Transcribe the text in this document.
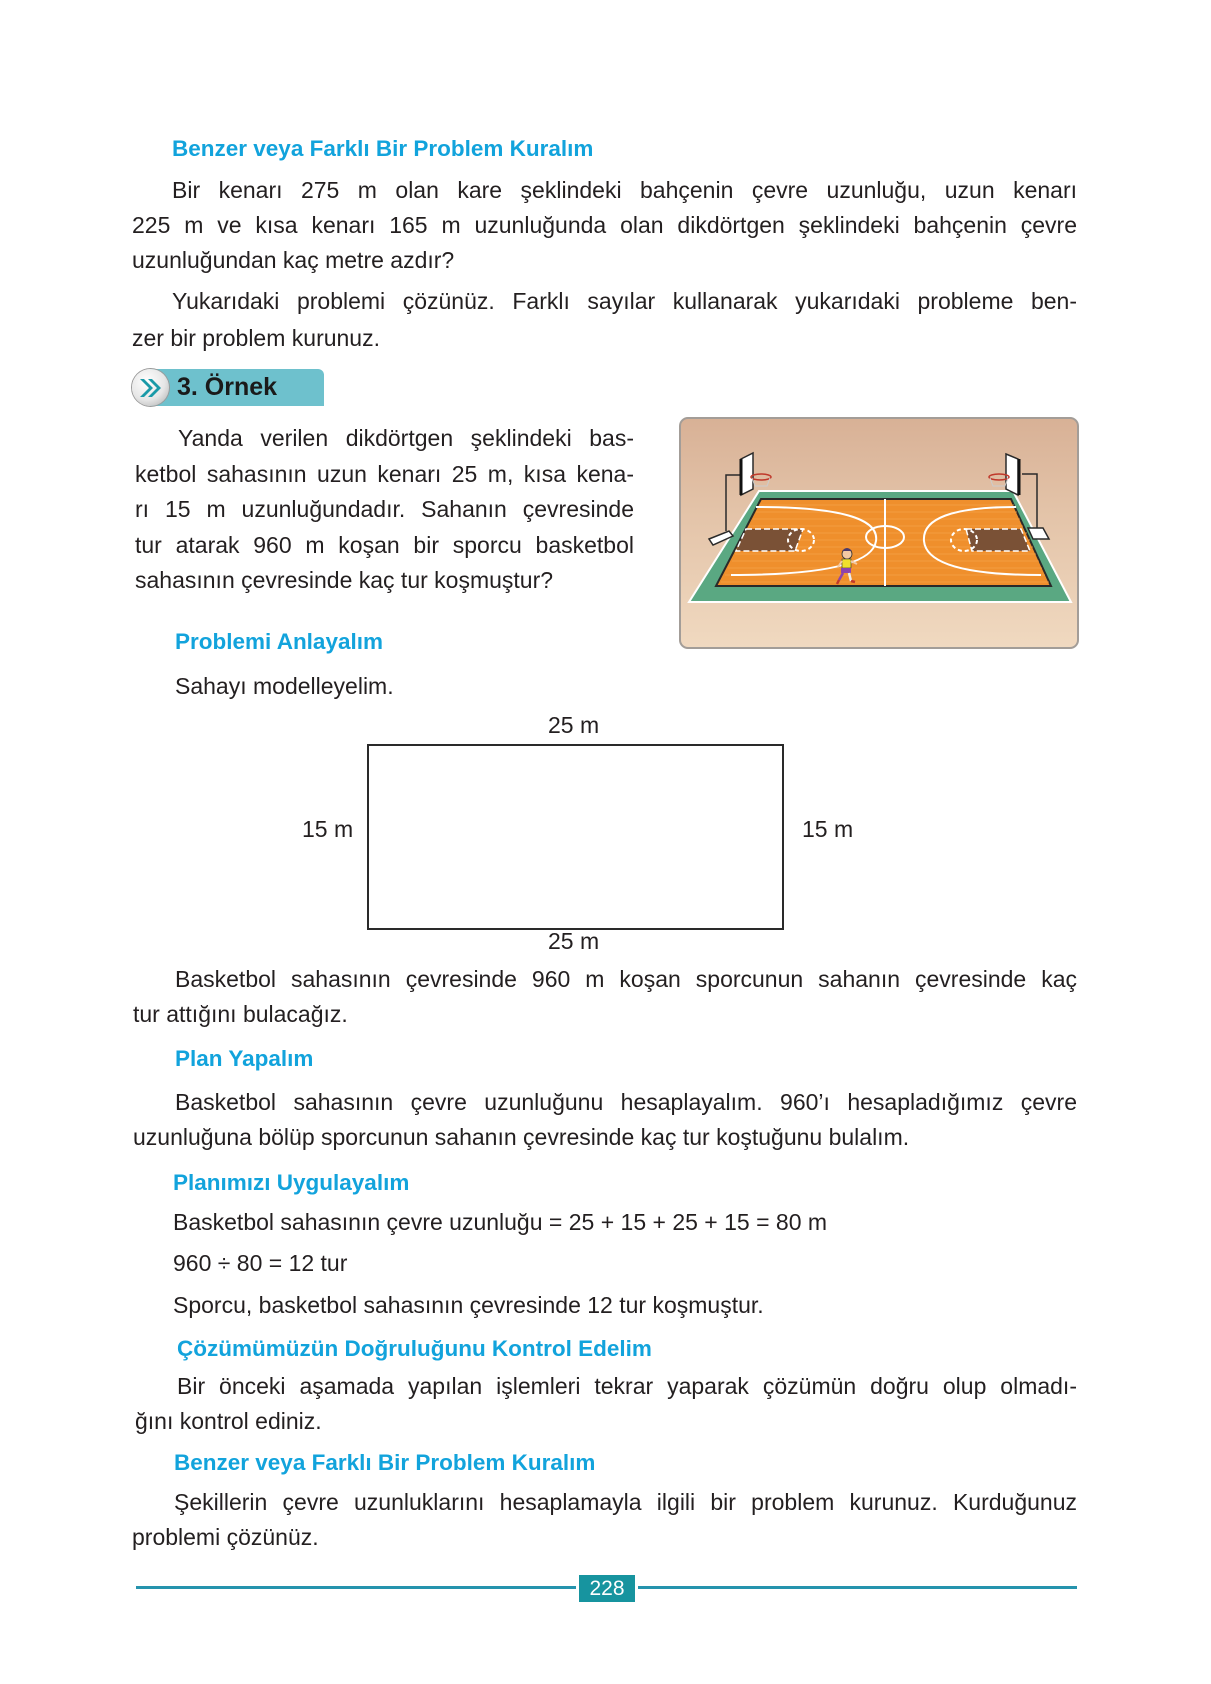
Benzer veya Farklı Bir Problem Kuralım
Bir kenarı 275 m olan kare şeklindeki bahçenin çevre uzunluğu, uzun kenarı
225 m ve kısa kenarı 165 m uzunluğunda olan dikdörtgen şeklindeki bahçenin çevre
uzunluğundan kaç metre azdır?
Yukarıdaki problemi çözünüz. Farklı sayılar kullanarak yukarıdaki probleme ben-
zer bir problem kurunuz.
3. Örnek
Yanda verilen dikdörtgen şeklindeki bas-
ketbol sahasının uzun kenarı 25 m, kısa kena-
rı 15 m uzunluğundadır. Sahanın çevresinde
tur atarak 960 m koşan bir sporcu basketbol
sahasının çevresinde kaç tur koşmuştur?
Problemi Anlayalım
Sahayı modelleyelim.
25 m
15 m	15 m
25 m
Basketbol sahasının çevresinde 960 m koşan sporcunun sahanın çevresinde kaç
tur attığını bulacağız.
Plan Yapalım
Basketbol sahasının çevre uzunluğunu hesaplayalım. 960’ı hesapladığımız çevre
uzunluğuna bölüp sporcunun sahanın çevresinde kaç tur koştuğunu bulalım.
Planımızı Uygulayalım
Basketbol sahasının çevre uzunluğu = 25 + 15 + 25 + 15 = 80 m
960 ÷ 80 = 12 tur
Sporcu, basketbol sahasının çevresinde 12 tur koşmuştur.
Çözümümüzün Doğruluğunu Kontrol Edelim
Bir önceki aşamada yapılan işlemleri tekrar yaparak çözümün doğru olup olmadı-
ğını kontrol ediniz.
Benzer veya Farklı Bir Problem Kuralım
Şekillerin çevre uzunluklarını hesaplamayla ilgili bir problem kurunuz. Kurduğunuz
problemi çözünüz.
228
